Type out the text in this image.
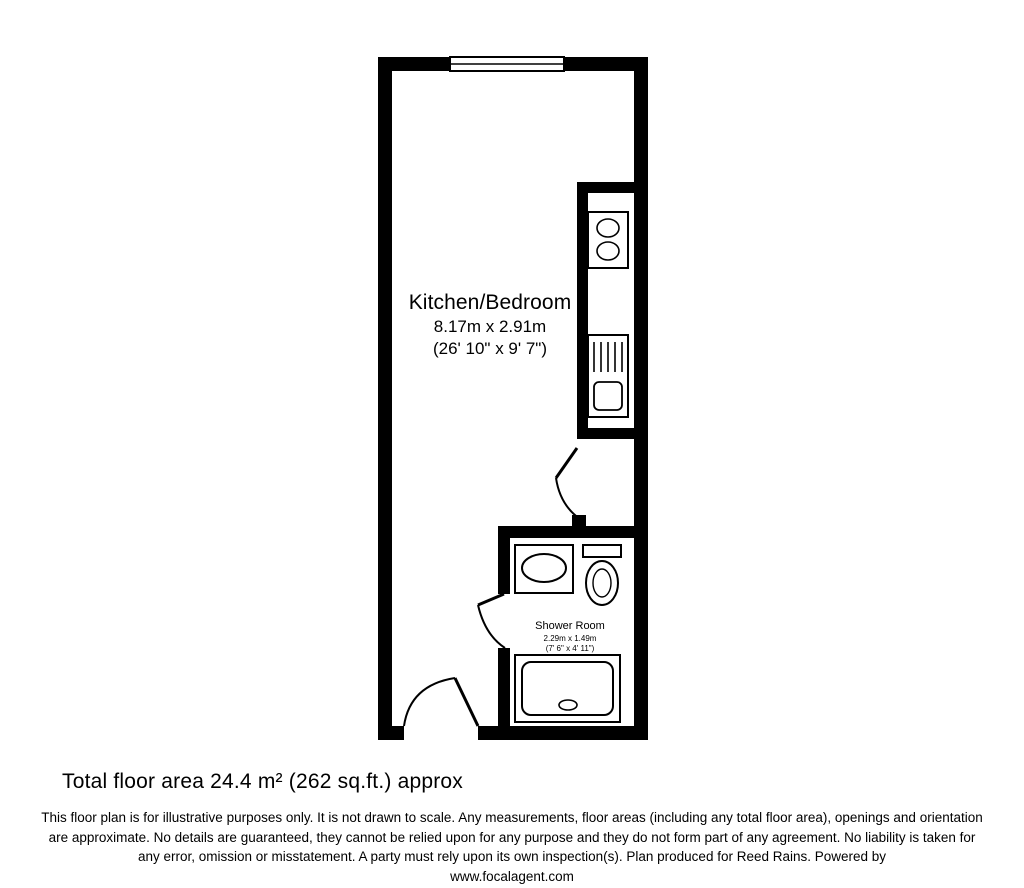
Kitchen/Bedroom
8.17m x 2.91m
(26' 10" x 9' 7")
Shower Room
2.29m x 1.49m
(7' 6" x 4' 11")
Total floor area 24.4 m² (262 sq.ft.) approx
This floor plan is for illustrative purposes only. It is not drawn to scale. Any measurements, floor areas (including any total floor area), openings and orientation are approximate. No details are guaranteed, they cannot be relied upon for any purpose and they do not form part of any agreement. No liability is taken for any error, omission or misstatement. A party must rely upon its own inspection(s). Plan produced for Reed Rains. Powered by
www.focalagent.com
